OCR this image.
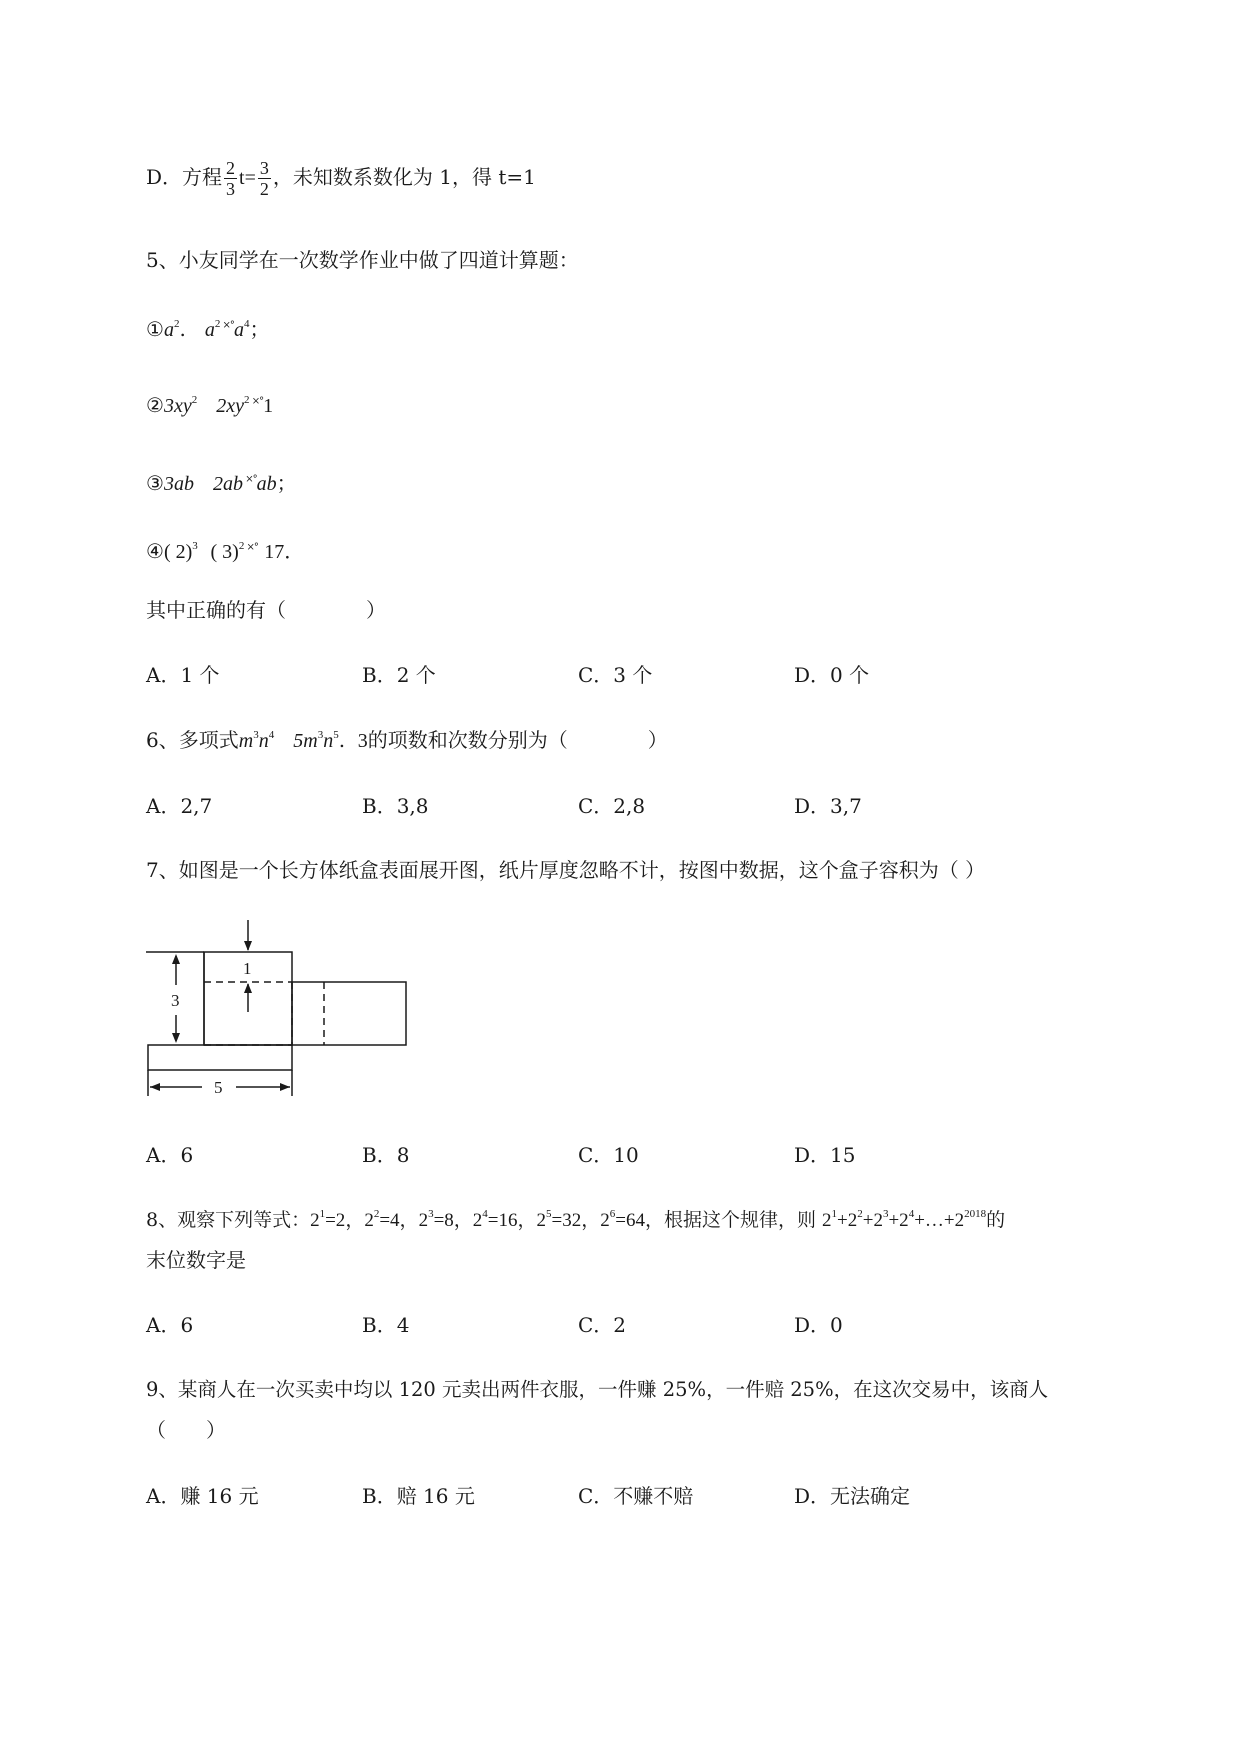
D．方程 $\frac{2}{3} t= \frac{3}{2}$ ，未知数系数化为 1，得 t=1
5、小友同学在一次数学作业中做了四道计算题：
$①a^2$.   $a^2$ $^{\times^\circ}a^4$；
$②3xy^2$ $2xy^2$ ×°1
③3ab 2ab ×°ab；
④( 2)$^3$ ( 3)$^2$ ×° 17．
其中正确的有（　　　　）
A．1 个	B．2 个	C．3 个	D．0 个
6、多项式$m^3n^4$ $5m^3n^5$.  3的项数和次数分别为（　　　　）
A．2,7	B．3,8	C．2,8	D．3,7
7、如图是一个长方体纸盒表面展开图，纸片厚度忽略不计，按图中数据，这个盒子容积为（ ）
1
3
5
A．6	B．8	C．10	D．15
8、观察下列等式：$2^1=2$，$2^2=4$，$2^3=8$，$2^4=16$，$2^5=32$，$2^6=64$，根据这个规律，则 $2^1+2^2+2^3+2^4+\dots+2^{2018}$的
末位数字是
A．6	B．4	C．2	D．0
9、某商人在一次买卖中均以 120 元卖出两件衣服，一件赚 25%，一件赔 25%，在这次交易中，该商人
（　　）
A．赚 16 元	B．赔 16 元	C．不赚不赔	D．无法确定
